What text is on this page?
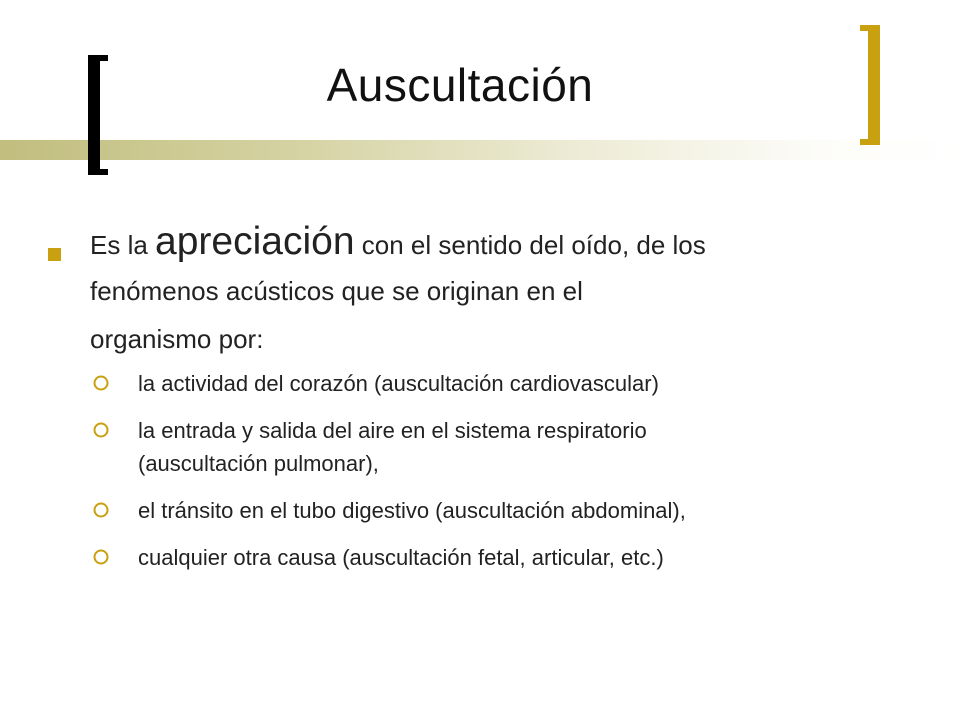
Auscultación
Es la apreciación con el sentido del oído, de los
fenómenos acústicos que se originan en el
organismo por:
la actividad del corazón (auscultación cardiovascular)
la entrada y salida del aire en el sistema respiratorio
(auscultación pulmonar),
el tránsito en el tubo digestivo (auscultación abdominal),
cualquier otra causa (auscultación fetal, articular, etc.)
